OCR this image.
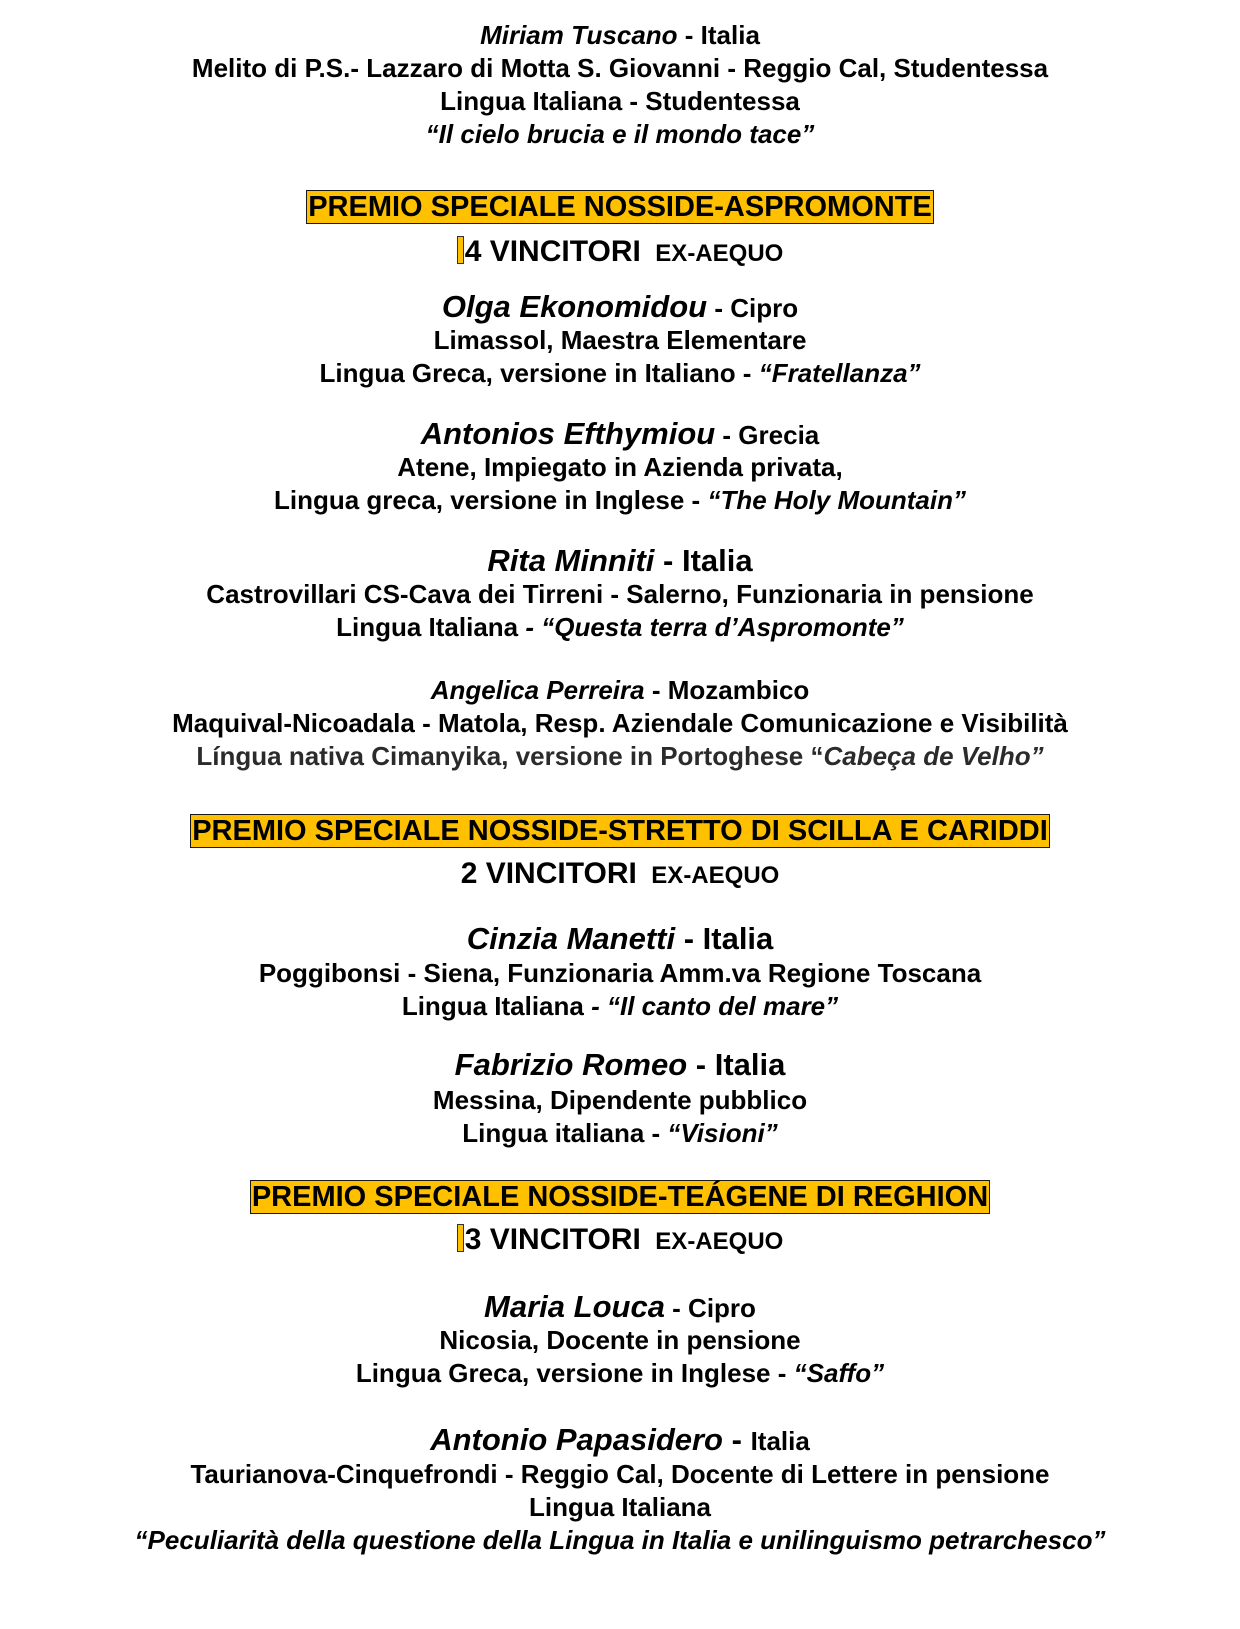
Miriam Tuscano - Italia
Melito di P.S.- Lazzaro di Motta S. Giovanni - Reggio Cal, Studentessa
Lingua Italiana - Studentessa
“Il cielo brucia e il mondo tace”
PREMIO SPECIALE NOSSIDE-ASPROMONTE
4 VINCITORI EX-AEQUO
Olga Ekonomidou - Cipro
Limassol, Maestra Elementare
Lingua Greca, versione in Italiano - “Fratellanza”
Antonios Efthymiou - Grecia
Atene, Impiegato in Azienda privata,
Lingua greca, versione in Inglese - “The Holy Mountain”
Rita Minniti - Italia
Castrovillari CS-Cava dei Tirreni - Salerno, Funzionaria in pensione
Lingua Italiana - “Questa terra d’Aspromonte”
Angelica Perreira - Mozambico
Maquival-Nicoadala - Matola, Resp. Aziendale Comunicazione e Visibilità
Língua nativa Cimanyika, versione in Portoghese “Cabeça de Velho”
PREMIO SPECIALE NOSSIDE-STRETTO DI SCILLA E CARIDDI
2 VINCITORI EX-AEQUO
Cinzia Manetti - Italia
Poggibonsi - Siena, Funzionaria Amm.va Regione Toscana
Lingua Italiana - “Il canto del mare”
Fabrizio Romeo - Italia
Messina, Dipendente pubblico
Lingua italiana - “Visioni”
PREMIO SPECIALE NOSSIDE-TEÁGENE DI REGHION
3 VINCITORI EX-AEQUO
Maria Louca - Cipro
Nicosia, Docente in pensione
Lingua Greca, versione in Inglese - “Saffo”
Antonio Papasidero - Italia
Taurianova-Cinquefrondi - Reggio Cal, Docente di Lettere in pensione
Lingua Italiana
“Peculiarità della questione della Lingua in Italia e unilinguismo petrarchesco”
